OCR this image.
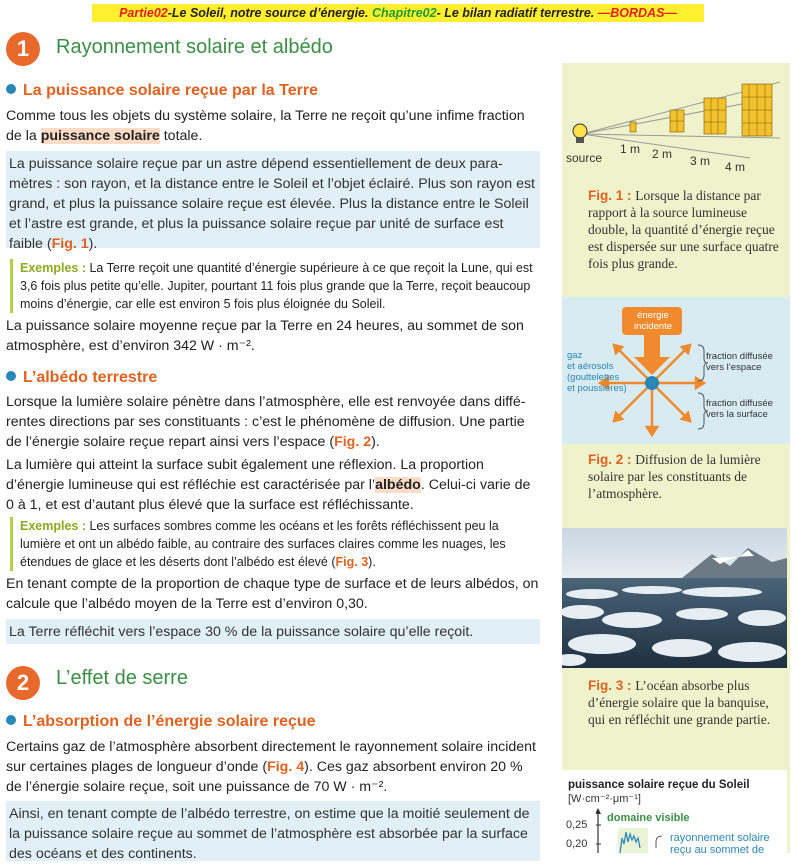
Partie02-Le Soleil, notre source d’énergie. Chapitre02- Le bilan radiatif terrestre. —BORDAS—
1	Rayonnement solaire et albédo
La puissance solaire reçue par la Terre
Comme tous les objets du système solaire, la Terre ne reçoit qu’une infime fraction de la puissance solaire totale.
La puissance solaire reçue par un astre dépend essentiellement de deux paramètres : son rayon, et la distance entre le Soleil et l’objet éclairé. Plus son rayon est grand, et plus la puissance solaire reçue est élevée. Plus la distance entre le Soleil et l’astre est grande, et plus la puissance solaire reçue par unité de surface est faible (Fig. 1).
Exemples : La Terre reçoit une quantité d’énergie supérieure à ce que reçoit la Lune, qui est 3,6 fois plus petite qu’elle. Jupiter, pourtant 11 fois plus grande que la Terre, reçoit beaucoup moins d’énergie, car elle est environ 5 fois plus éloignée du Soleil.
La puissance solaire moyenne reçue par la Terre en 24 heures, au sommet de son atmosphère, est d’environ 342 W · m⁻².
L’albédo terrestre
Lorsque la lumière solaire pénètre dans l’atmosphère, elle est renvoyée dans différentes directions par ses constituants : c’est le phénomène de diffusion. Une partie de l’énergie solaire reçue repart ainsi vers l’espace (Fig. 2).
La lumière qui atteint la surface subit également une réflexion. La proportion d’énergie lumineuse qui est réfléchie est caractérisée par l’albédo. Celui-ci varie de 0 à 1, et est d’autant plus élevé que la surface est réfléchissante.
Exemples : Les surfaces sombres comme les océans et les forêts réfléchissent peu la lumière et ont un albédo faible, au contraire des surfaces claires comme les nuages, les étendues de glace et les déserts dont l’albédo est élevé (Fig. 3).
En tenant compte de la proportion de chaque type de surface et de leurs albédos, on calcule que l’albédo moyen de la Terre est d’environ 0,30.
La Terre réfléchit vers l’espace 30 % de la puissance solaire qu’elle reçoit.
2	L’effet de serre
L’absorption de l’énergie solaire reçue
Certains gaz de l’atmosphère absorbent directement le rayonnement solaire incident sur certaines plages de longueur d’onde (Fig. 4). Ces gaz absorbent environ 20 % de l’énergie solaire reçue, soit une puissance de 70 W · m⁻².
Ainsi, en tenant compte de l’albédo terrestre, on estime que la moitié seulement de la puissance solaire reçue au sommet de l’atmosphère est absorbée par la surface des océans et des continents.
source
1 m 2 m 3 m 4 m
Fig. 1 : Lorsque la distance par rapport à la source lumineuse double, la quantité d’énergie reçue est dispersée sur une surface quatre fois plus grande.
énergie
incidente
gaz
et aérosols
(gouttelettes
et poussières)
fraction diffusée
vers l’espace
fraction diffusée
vers la surface
Fig. 2 : Diffusion de la lumière solaire par les constituants de l’atmosphère.
Fig. 3 : L’océan absorbe plus d’énergie solaire que la banquise, qui en réfléchit une grande partie.
puissance solaire reçue du Soleil
[W·cm⁻²·μm⁻¹]
0,25
0,20
domaine visible
rayonnement solaire
reçu au sommet de
